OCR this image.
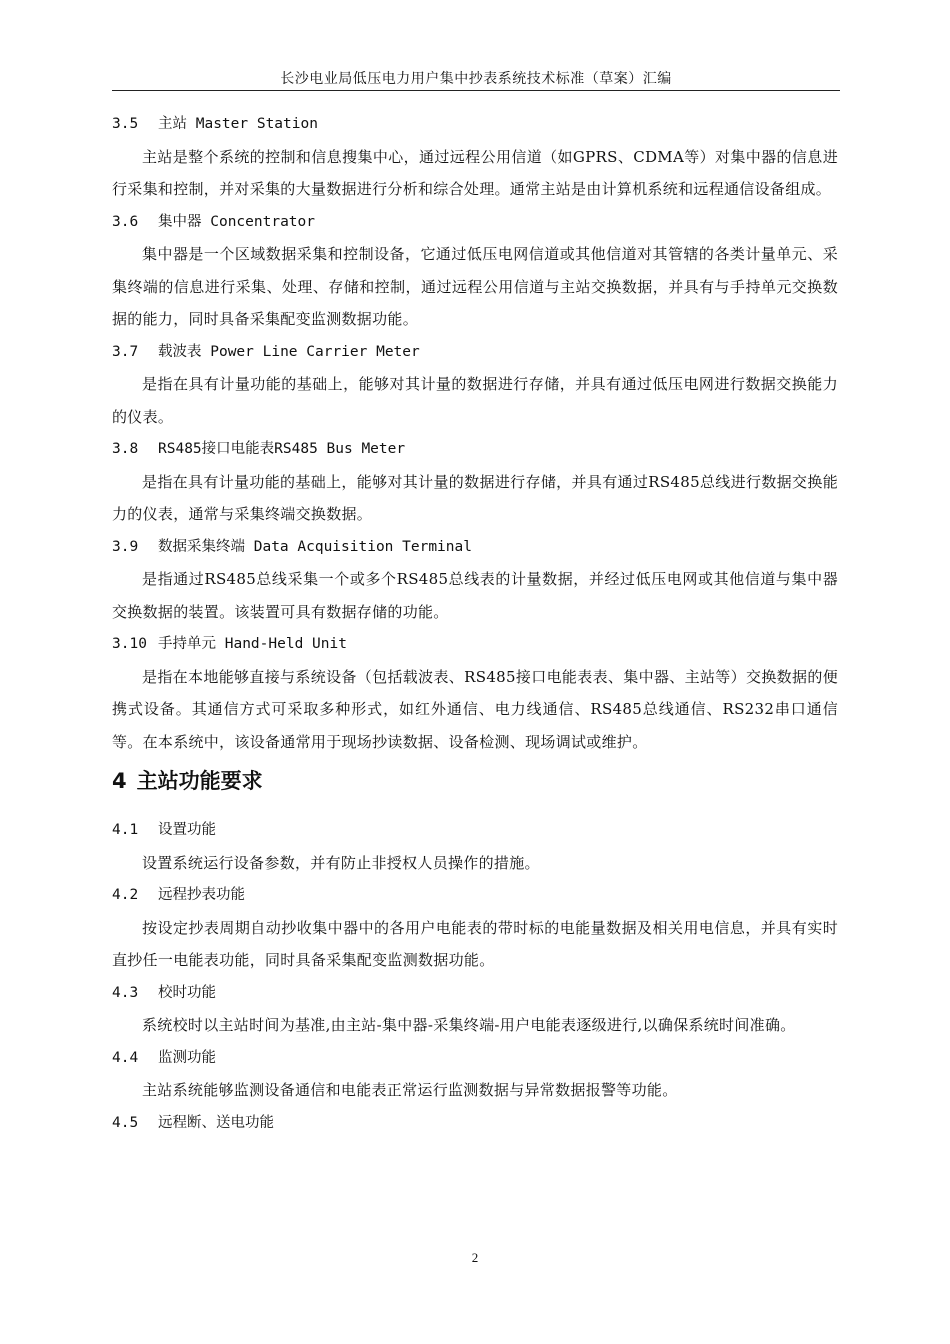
长沙电业局低压电力用户集中抄表系统技术标准（草案）汇编
3.5 主站 Master Station
主站是整个系统的控制和信息搜集中心，通过远程公用信道（如GPRS、CDMA等）对集中器的信息进行采集和控制，并对采集的大量数据进行分析和综合处理。通常主站是由计算机系统和远程通信设备组成。
3.6 集中器 Concentrator
集中器是一个区域数据采集和控制设备，它通过低压电网信道或其他信道对其管辖的各类计量单元、采集终端的信息进行采集、处理、存储和控制，通过远程公用信道与主站交换数据，并具有与手持单元交换数据的能力，同时具备采集配变监测数据功能。
3.7 载波表 Power Line Carrier Meter
是指在具有计量功能的基础上，能够对其计量的数据进行存储，并具有通过低压电网进行数据交换能力的仪表。
3.8 RS485接口电能表RS485 Bus Meter
是指在具有计量功能的基础上，能够对其计量的数据进行存储，并具有通过RS485总线进行数据交换能力的仪表，通常与采集终端交换数据。
3.9 数据采集终端 Data Acquisition Terminal
是指通过RS485总线采集一个或多个RS485总线表的计量数据，并经过低压电网或其他信道与集中器交换数据的装置。该装置可具有数据存储的功能。
3.10 手持单元 Hand-Held Unit
是指在本地能够直接与系统设备（包括载波表、RS485接口电能表表、集中器、主站等）交换数据的便携式设备。其通信方式可采取多种形式，如红外通信、电力线通信、RS485总线通信、RS232串口通信等。在本系统中，该设备通常用于现场抄读数据、设备检测、现场调试或维护。
4 主站功能要求
4.1 设置功能
设置系统运行设备参数，并有防止非授权人员操作的措施。
4.2 远程抄表功能
按设定抄表周期自动抄收集中器中的各用户电能表的带时标的电能量数据及相关用电信息，并具有实时直抄任一电能表功能，同时具备采集配变监测数据功能。
4.3 校时功能
系统校时以主站时间为基准,由主站-集中器-采集终端-用户电能表逐级进行,以确保系统时间准确。
4.4 监测功能
主站系统能够监测设备通信和电能表正常运行监测数据与异常数据报警等功能。
4.5 远程断、送电功能
2
